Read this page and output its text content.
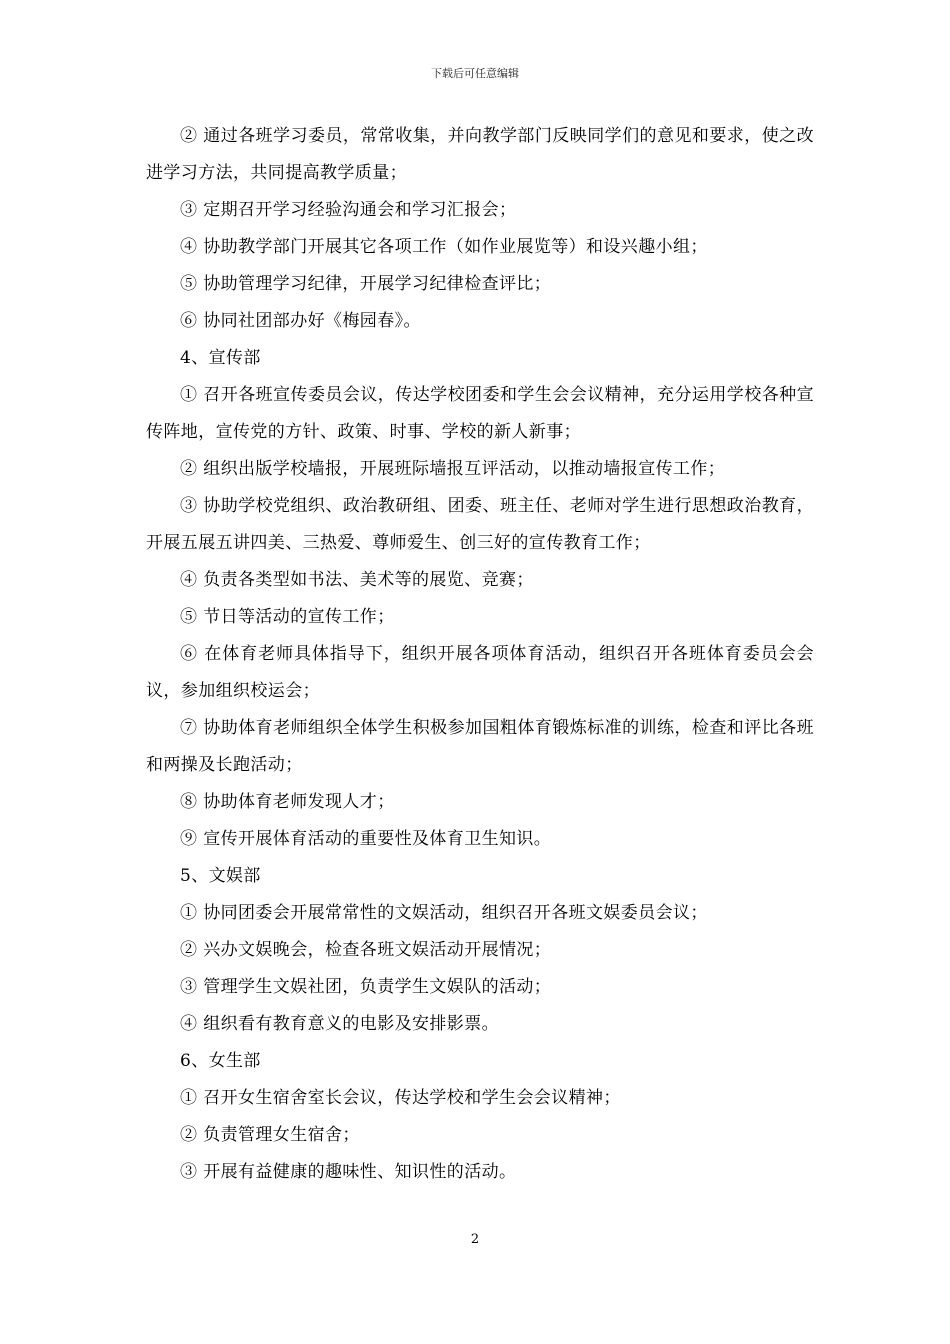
下载后可任意编辑

② 通过各班学习委员，常常收集，并向教学部门反映同学们的意见和要求，使之改进学习方法，共同提高教学质量；

③ 定期召开学习经验沟通会和学习汇报会；

④ 协助教学部门开展其它各项工作（如作业展览等）和设兴趣小组；

⑤ 协助管理学习纪律，开展学习纪律检查评比；

⑥ 协同社团部办好《梅园春》。

4、宣传部

① 召开各班宣传委员会议，传达学校团委和学生会会议精神，充分运用学校各种宣传阵地，宣传党的方针、政策、时事、学校的新人新事；

② 组织出版学校墙报，开展班际墙报互评活动，以推动墙报宣传工作；

③ 协助学校党组织、政治教研组、团委、班主任、老师对学生进行思想政治教育，开展五展五讲四美、三热爱、尊师爱生、创三好的宣传教育工作；

④ 负责各类型如书法、美术等的展览、竞赛；

⑤ 节日等活动的宣传工作；

⑥ 在体育老师具体指导下，组织开展各项体育活动，组织召开各班体育委员会会议，参加组织校运会；

⑦ 协助体育老师组织全体学生积极参加国粗体育锻炼标准的训练，检查和评比各班和两操及长跑活动；

⑧ 协助体育老师发现人才；

⑨ 宣传开展体育活动的重要性及体育卫生知识。

5、文娱部

① 协同团委会开展常常性的文娱活动，组织召开各班文娱委员会议；

② 兴办文娱晚会，检查各班文娱活动开展情况；

③ 管理学生文娱社团，负责学生文娱队的活动；

④ 组织看有教育意义的电影及安排影票。

6、女生部

① 召开女生宿舍室长会议，传达学校和学生会会议精神；

② 负责管理女生宿舍；

③ 开展有益健康的趣味性、知识性的活动。

2
